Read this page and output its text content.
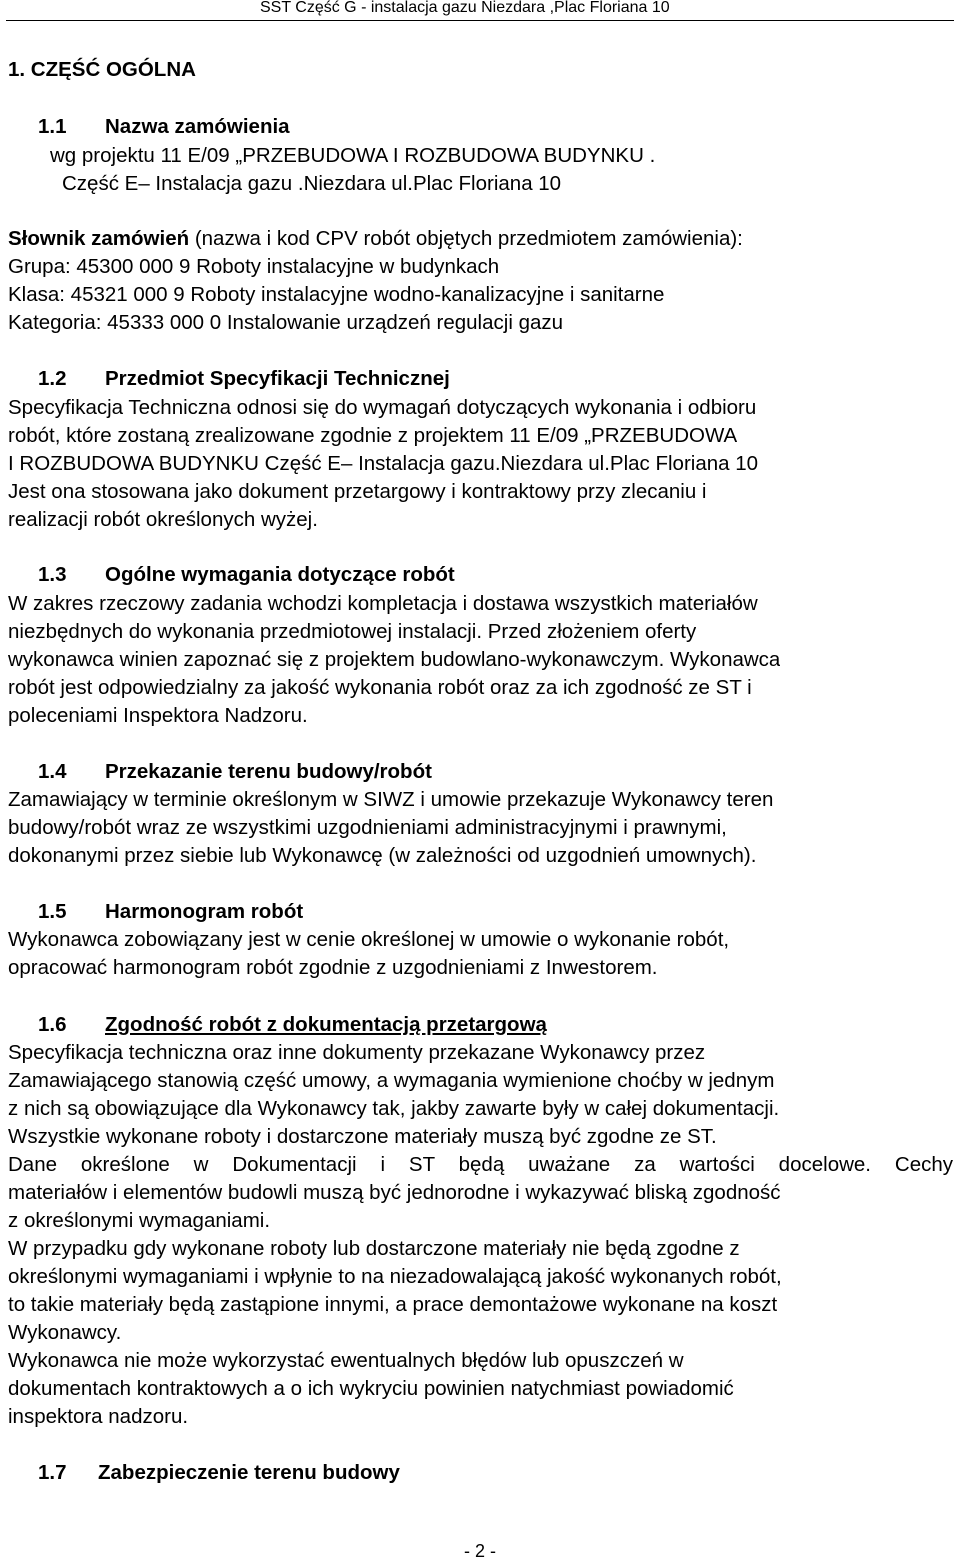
SST Część G - instalacja gazu Niezdara ,Plac Floriana 10
1. CZĘŚĆ OGÓLNA
1.1 Nazwa zamówienia
wg projektu 11 E/09 „PRZEBUDOWA I ROZBUDOWA BUDYNKU .
Część E– Instalacja gazu .Niezdara ul.Plac Floriana 10
Słownik zamówień (nazwa i kod CPV robót objętych przedmiotem zamówienia):
Grupa: 45300 000 9 Roboty instalacyjne w budynkach
Klasa: 45321 000 9 Roboty instalacyjne wodno-kanalizacyjne i sanitarne
Kategoria: 45333 000 0 Instalowanie urządzeń regulacji gazu
1.2 Przedmiot Specyfikacji Technicznej
Specyfikacja Techniczna odnosi się do wymagań dotyczących wykonania i odbioru
robót, które zostaną zrealizowane zgodnie z projektem 11 E/09 „PRZEBUDOWA
I ROZBUDOWA BUDYNKU Część E– Instalacja gazu.Niezdara ul.Plac Floriana 10
Jest ona stosowana jako dokument przetargowy i kontraktowy przy zlecaniu i
realizacji robót określonych wyżej.
1.3 Ogólne wymagania dotyczące robót
W zakres rzeczowy zadania wchodzi kompletacja i dostawa wszystkich materiałów
niezbędnych do wykonania przedmiotowej instalacji. Przed złożeniem oferty
wykonawca winien zapoznać się z projektem budowlano-wykonawczym. Wykonawca
robót jest odpowiedzialny za jakość wykonania robót oraz za ich zgodność ze ST i
poleceniami Inspektora Nadzoru.
1.4 Przekazanie terenu budowy/robót
Zamawiający w terminie określonym w SIWZ i umowie przekazuje Wykonawcy teren
budowy/robót wraz ze wszystkimi uzgodnieniami administracyjnymi i prawnymi,
dokonanymi przez siebie lub Wykonawcę (w zależności od uzgodnień umownych).
1.5 Harmonogram robót
Wykonawca zobowiązany jest w cenie określonej w umowie o wykonanie robót,
opracować harmonogram robót zgodnie z uzgodnieniami z Inwestorem.
1.6 Zgodność robót z dokumentacją przetargową
Specyfikacja techniczna oraz inne dokumenty przekazane Wykonawcy przez
Zamawiającego stanowią część umowy, a wymagania wymienione choćby w jednym
z nich są obowiązujące dla Wykonawcy tak, jakby zawarte były w całej dokumentacji.
Wszystkie wykonane roboty i dostarczone materiały muszą być zgodne ze ST.
Dane określone w Dokumentacji i ST będą uważane za wartości docelowe. Cechy
materiałów i elementów budowli muszą być jednorodne i wykazywać bliską zgodność
z określonymi wymaganiami.
W przypadku gdy wykonane roboty lub dostarczone materiały nie będą zgodne z
określonymi wymaganiami i wpłynie to na niezadowalającą jakość wykonanych robót,
to takie materiały będą zastąpione innymi, a prace demontażowe wykonane na koszt
Wykonawcy.
Wykonawca nie może wykorzystać ewentualnych błędów lub opuszczeń w
dokumentach kontraktowych a o ich wykryciu powinien natychmiast powiadomić
inspektora nadzoru.
1.7 Zabezpieczenie terenu budowy
- 2 -
